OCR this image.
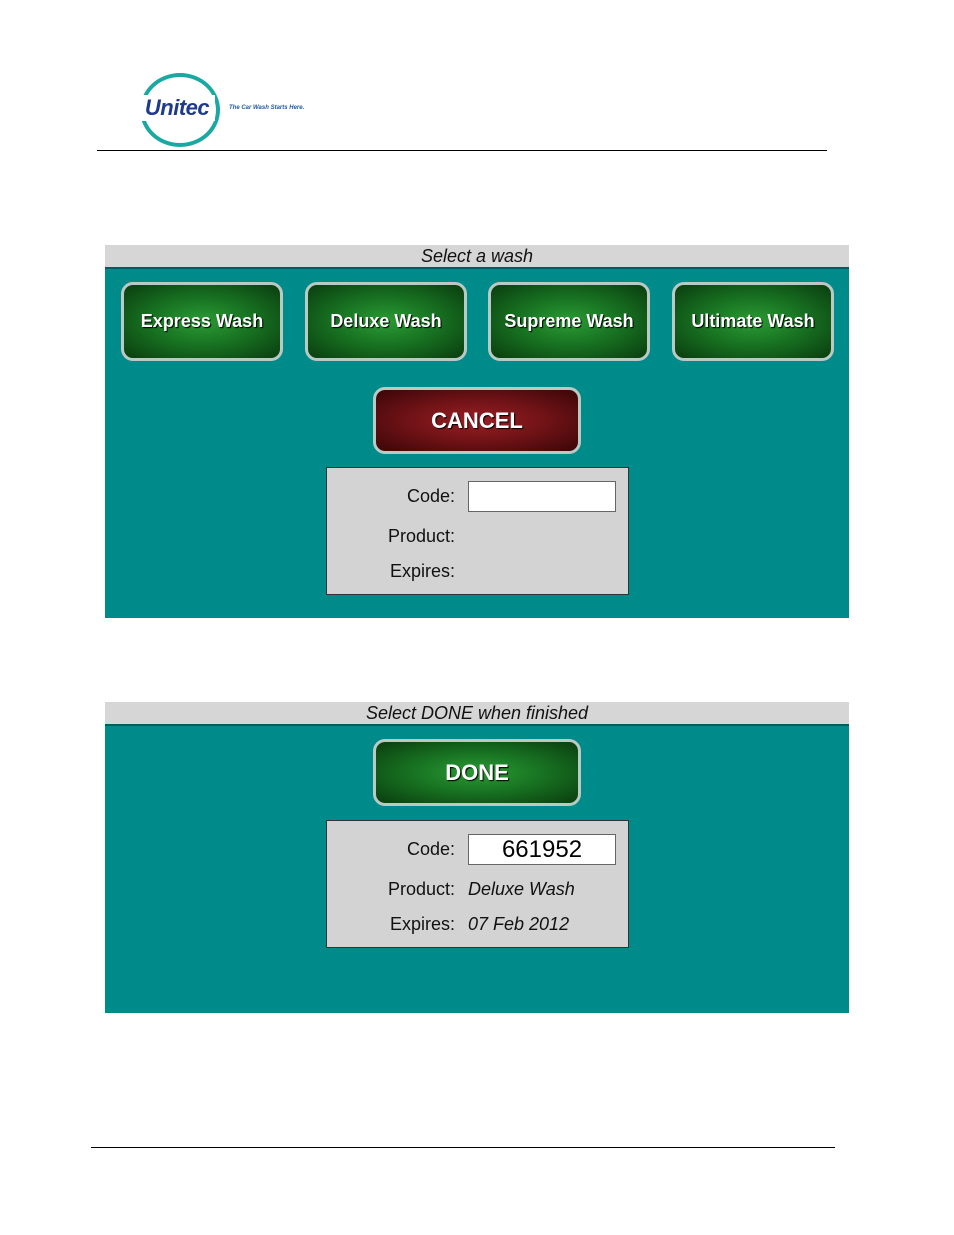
Unitec	The Car Wash Starts Here.
Select a wash
Express Wash	Deluxe Wash	Supreme Wash	Ultimate Wash
CANCEL
Code:
Product:
Expires:
Select DONE when finished
DONE
Code:	661952
Product: Deluxe Wash
Expires: 07 Feb 2012
